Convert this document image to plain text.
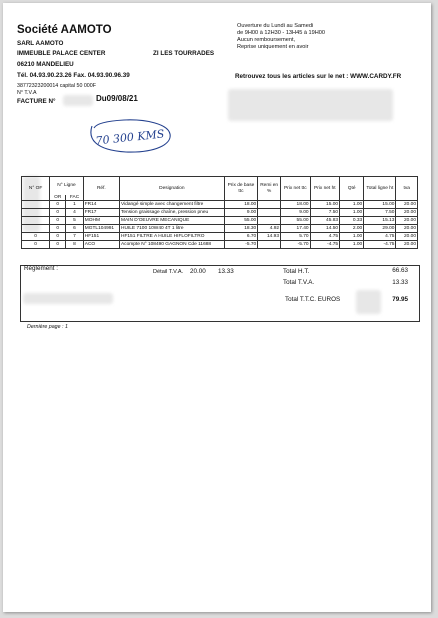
Société AAMOTO
SARL AAMOTO
IMMEUBLE PALACE CENTER	ZI LES TOURRADES
06210 MANDELIEU
Tél. 04.93.90.23.26 Fax. 04.93.90.96.39
38772323200014 capital 50 000F
N° T.V.A
Ouverture du Lundi au Samedi
de 9H00 à 12H30 - 13H45 à 19H00
Aucun remboursement,
Reprise uniquement en avoir
Retrouvez tous les articles sur le net : WWW.CARDY.FR
FACTURE N°	Du09/08/21
70 300 KMS
N° OF	N° Ligne		Réf.	Designation	Prix de base ttc	Remi en %	Prix net ttc	Prix net ht	Qté	Total ligne ht	tva
	OR	FAC									
	0	1	FR14	Vidangé simple avec changement filtre	18.00		18.00	15.00	1.00	15.00	20.00
	0	4	FR17	Tension graissage chaîne, pression pneu	9.00		9.00	7.50	1.00	7.50	20.00
	0	5	MOHM	MAIN D'OEUVRE MECANIQUE	55.00		55.00	45.83	0.33	15.13	20.00
	0	6	MGTL104991	HUILE 7100 10W40 4T 1 litre	18.30	4.92	17.40	14.50	2.00	29.00	20.00
0	0	7	HF151	HF151 FILTRE A HUILE HIFLOFILTRO	6.70	14.93	5.70	4.75	1.00	4.75	20.00
0	0	8	ACO	Acompte N° 108490 GAGNON Cde 11688	-5.70		-5.70	-4.75	1.00	-4.75	20.00
Règlement :	Détail T.V.A. 20.00 13.33	Total H.T.	66.63
Total T.V.A.	13.33
Total T.T.C. EUROS	79.95
Dernière page : 1
